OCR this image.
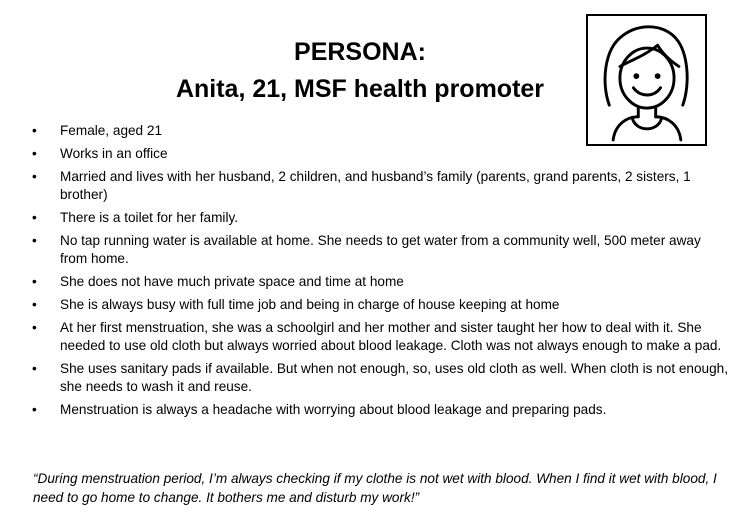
PERSONA:
Anita, 21, MSF health promoter
•	Female, aged 21
•	Works in an office
•	Married and lives with her husband, 2 children, and husband’s family (parents, grand parents, 2 sisters, 1 brother)
•	There is a toilet for her family.
•	No tap running water is available at home. She needs to get water from a community well, 500 meter away from home.
•	She does not have much private space and time at home
•	She is always busy with full time job and being in charge of house keeping at home
•	At her first menstruation, she was a schoolgirl and her mother and sister taught her how to deal with it. She needed to use old cloth but always worried about blood leakage. Cloth was not always enough to make a pad.
•	She uses sanitary pads if available. But when not enough, so, uses old cloth as well. When cloth is not enough, she needs to wash it and reuse.
•	Menstruation is always a headache with worrying about blood leakage and preparing pads.
“During menstruation period, I’m always checking if my clothe is not wet with blood. When I find it wet with blood, I need to go home to change. It bothers me and disturb my work!”
